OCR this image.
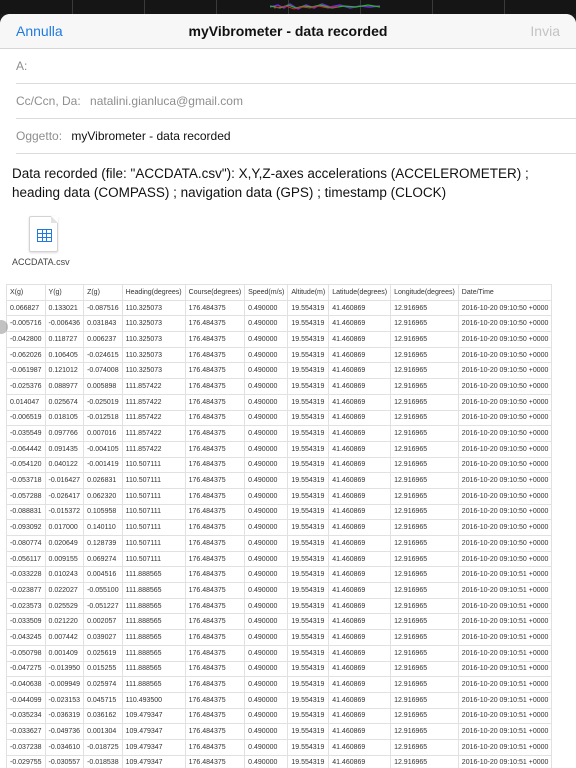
Annulla	myVibrometer - data recorded	Invia
A:
Cc/Ccn, Da: natalini.gianluca@gmail.com
Oggetto: myVibrometer - data recorded
Data recorded (file: "ACCDATA.csv"): X,Y,Z-axes accelerations (ACCELEROMETER) ; heading data (COMPASS) ; navigation data (GPS) ; timestamp (CLOCK)
ACCDATA.csv
X(g)	Y(g)	Z(g)	Heading(degrees)	Course(degrees)	Speed(m/s)	Altitude(m)	Latitude(degrees)	Longitude(degrees)	Date/Time
0.066827	0.133021	-0.087516	110.325073	176.484375	0.490000	19.554319	41.460869	12.916965	2016-10-20 09:10:50 +0000
-0.005716	-0.006436	0.031843	110.325073	176.484375	0.490000	19.554319	41.460869	12.916965	2016-10-20 09:10:50 +0000
-0.042800	0.118727	0.006237	110.325073	176.484375	0.490000	19.554319	41.460869	12.916965	2016-10-20 09:10:50 +0000
-0.062026	0.106405	-0.024615	110.325073	176.484375	0.490000	19.554319	41.460869	12.916965	2016-10-20 09:10:50 +0000
-0.061987	0.121012	-0.074008	110.325073	176.484375	0.490000	19.554319	41.460869	12.916965	2016-10-20 09:10:50 +0000
-0.025376	0.088977	0.005898	111.857422	176.484375	0.490000	19.554319	41.460869	12.916965	2016-10-20 09:10:50 +0000
0.014047	0.025674	-0.025019	111.857422	176.484375	0.490000	19.554319	41.460869	12.916965	2016-10-20 09:10:50 +0000
-0.006519	0.018105	-0.012518	111.857422	176.484375	0.490000	19.554319	41.460869	12.916965	2016-10-20 09:10:50 +0000
-0.035549	0.097766	0.007016	111.857422	176.484375	0.490000	19.554319	41.460869	12.916965	2016-10-20 09:10:50 +0000
-0.064442	0.091435	-0.004105	111.857422	176.484375	0.490000	19.554319	41.460869	12.916965	2016-10-20 09:10:50 +0000
-0.054120	0.040122	-0.001419	110.507111	176.484375	0.490000	19.554319	41.460869	12.916965	2016-10-20 09:10:50 +0000
-0.053718	-0.016427	0.026831	110.507111	176.484375	0.490000	19.554319	41.460869	12.916965	2016-10-20 09:10:50 +0000
-0.057288	-0.026417	0.062320	110.507111	176.484375	0.490000	19.554319	41.460869	12.916965	2016-10-20 09:10:50 +0000
-0.088831	-0.015372	0.105958	110.507111	176.484375	0.490000	19.554319	41.460869	12.916965	2016-10-20 09:10:50 +0000
-0.093092	0.017000	0.140110	110.507111	176.484375	0.490000	19.554319	41.460869	12.916965	2016-10-20 09:10:50 +0000
-0.080774	0.020649	0.128739	110.507111	176.484375	0.490000	19.554319	41.460869	12.916965	2016-10-20 09:10:50 +0000
-0.056117	0.009155	0.069274	110.507111	176.484375	0.490000	19.554319	41.460869	12.916965	2016-10-20 09:10:50 +0000
-0.033228	0.010243	0.004516	111.888565	176.484375	0.490000	19.554319	41.460869	12.916965	2016-10-20 09:10:51 +0000
-0.023877	0.022027	-0.055100	111.888565	176.484375	0.490000	19.554319	41.460869	12.916965	2016-10-20 09:10:51 +0000
-0.023573	0.025529	-0.051227	111.888565	176.484375	0.490000	19.554319	41.460869	12.916965	2016-10-20 09:10:51 +0000
-0.033509	0.021220	0.002057	111.888565	176.484375	0.490000	19.554319	41.460869	12.916965	2016-10-20 09:10:51 +0000
-0.043245	0.007442	0.039027	111.888565	176.484375	0.490000	19.554319	41.460869	12.916965	2016-10-20 09:10:51 +0000
-0.050798	0.001409	0.025619	111.888565	176.484375	0.490000	19.554319	41.460869	12.916965	2016-10-20 09:10:51 +0000
-0.047275	-0.013950	0.015255	111.888565	176.484375	0.490000	19.554319	41.460869	12.916965	2016-10-20 09:10:51 +0000
-0.040638	-0.009949	0.025974	111.888565	176.484375	0.490000	19.554319	41.460869	12.916965	2016-10-20 09:10:51 +0000
-0.044099	-0.023153	0.045715	110.493500	176.484375	0.490000	19.554319	41.460869	12.916965	2016-10-20 09:10:51 +0000
-0.035234	-0.036319	0.036162	109.479347	176.484375	0.490000	19.554319	41.460869	12.916965	2016-10-20 09:10:51 +0000
-0.033627	-0.049736	0.001304	109.479347	176.484375	0.490000	19.554319	41.460869	12.916965	2016-10-20 09:10:51 +0000
-0.037238	-0.034610	-0.018725	109.479347	176.484375	0.490000	19.554319	41.460869	12.916965	2016-10-20 09:10:51 +0000
-0.029755	-0.030557	-0.018538	109.479347	176.484375	0.490000	19.554319	41.460869	12.916965	2016-10-20 09:10:51 +0000
